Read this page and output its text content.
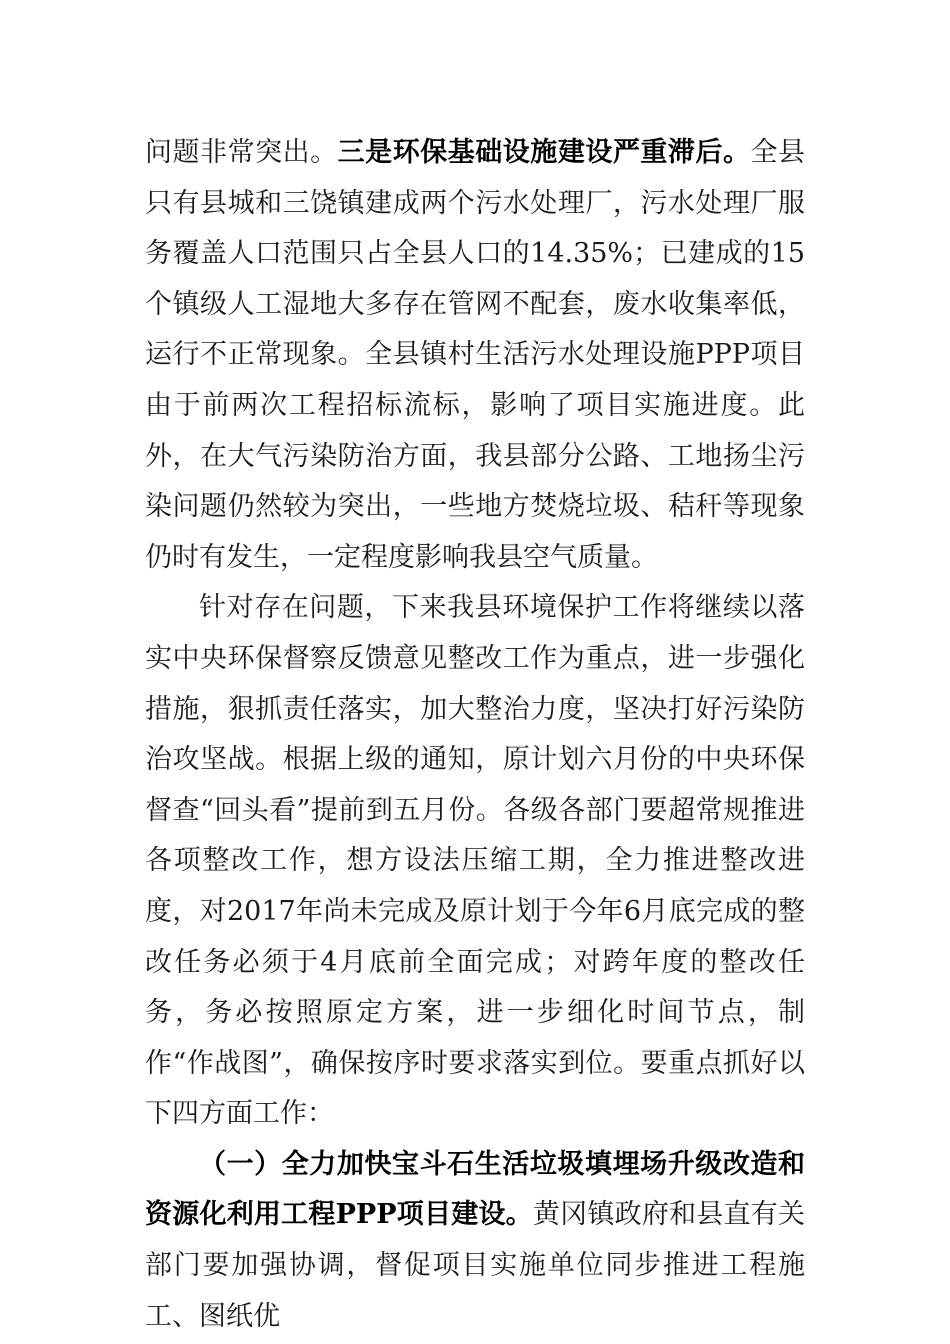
问题非常突出。三是环保基础设施建设严重滞后。全县只有县城和三饶镇建成两个污水处理厂，污水处理厂服务覆盖人口范围只占全县人口的14.35%；已建成的15个镇级人工湿地大多存在管网不配套，废水收集率低，运行不正常现象。全县镇村生活污水处理设施PPP项目由于前两次工程招标流标，影响了项目实施进度。此外，在大气污染防治方面，我县部分公路、工地扬尘污染问题仍然较为突出，一些地方焚烧垃圾、秸秆等现象仍时有发生，一定程度影响我县空气质量。

针对存在问题，下来我县环境保护工作将继续以落实中央环保督察反馈意见整改工作为重点，进一步强化措施，狠抓责任落实，加大整治力度，坚决打好污染防治攻坚战。根据上级的通知，原计划六月份的中央环保督查“回头看”提前到五月份。各级各部门要超常规推进各项整改工作，想方设法压缩工期，全力推进整改进度，对2017年尚未完成及原计划于今年6月底完成的整改任务必须于4月底前全面完成；对跨年度的整改任务，务必按照原定方案，进一步细化时间节点，制作“作战图”，确保按序时要求落实到位。要重点抓好以下四方面工作：

（一）全力加快宝斗石生活垃圾填埋场升级改造和资源化利用工程PPP项目建设。黄冈镇政府和县直有关部门要加强协调，督促项目实施单位同步推进工程施工、图纸优
